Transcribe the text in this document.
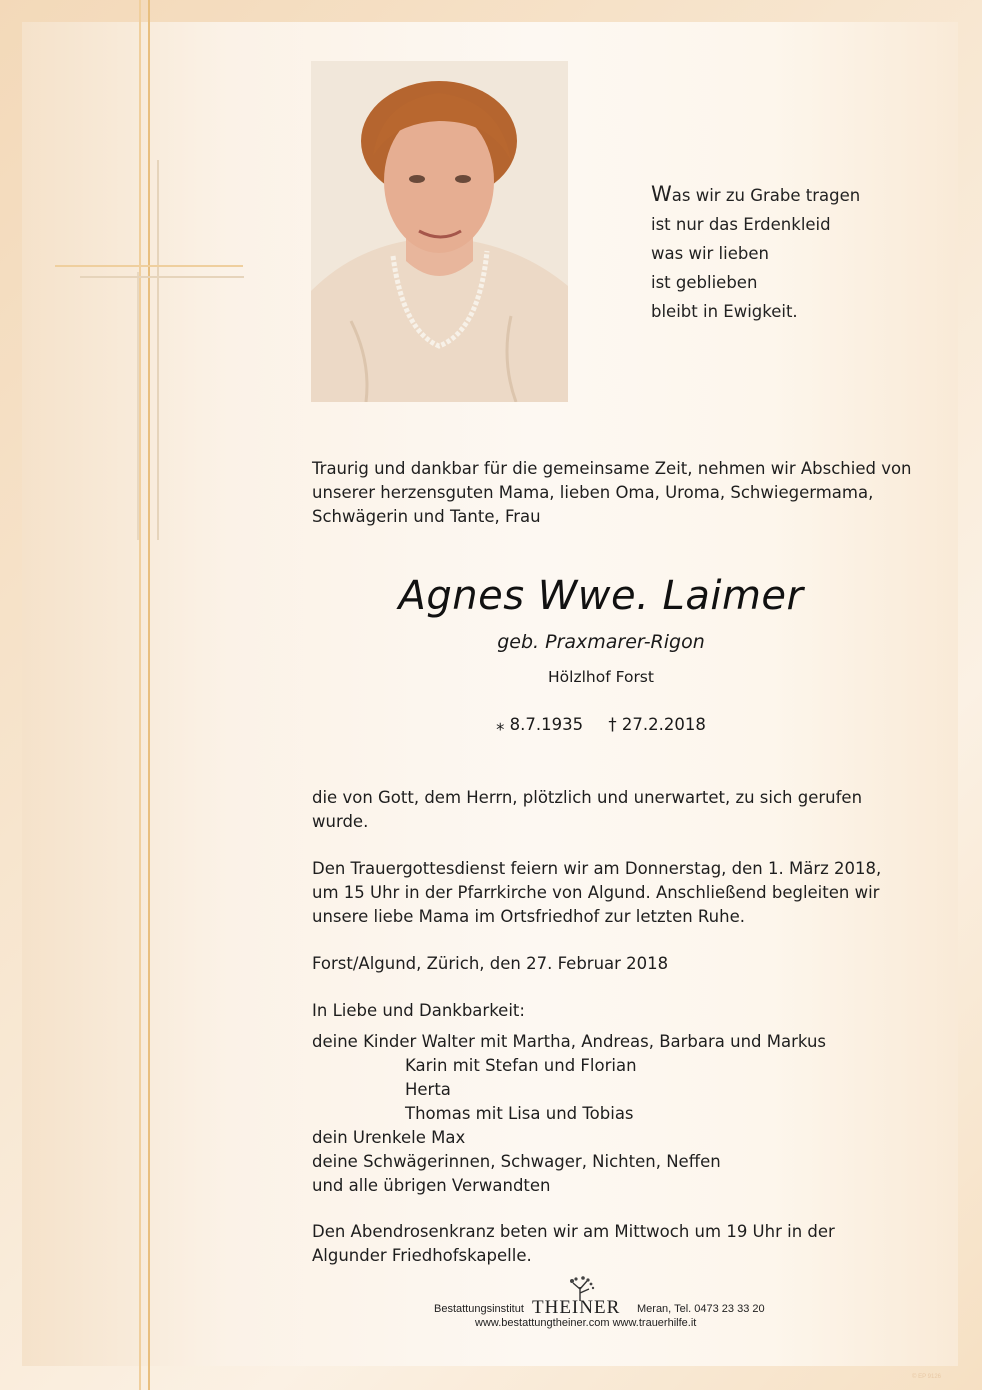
Was wir zu Grabe tragen
ist nur das Erdenkleid
was wir lieben
ist geblieben
bleibt in Ewigkeit.
Traurig und dankbar für die gemeinsame Zeit, nehmen wir Abschied von unserer herzensguten Mama, lieben Oma, Uroma, Schwiegermama, Schwägerin und Tante, Frau
Agnes Wwe. Laimer
geb. Praxmarer-Rigon
Hölzlhof Forst
⁎ 8.7.1935 † 27.2.2018
die von Gott, dem Herrn, plötzlich und unerwartet, zu sich gerufen wurde.
Den Trauergottesdienst feiern wir am Donnerstag, den 1. März 2018, um 15 Uhr in der Pfarrkirche von Algund. Anschließend begleiten wir unsere liebe Mama im Ortsfriedhof zur letzten Ruhe.
Forst/Algund, Zürich, den 27. Februar 2018
In Liebe und Dankbarkeit:
deine Kinder Walter mit Martha, Andreas, Barbara und Markus
Karin mit Stefan und Florian
Herta
Thomas mit Lisa und Tobias
dein Urenkele Max
deine Schwägerinnen, Schwager, Nichten, Neffen
und alle übrigen Verwandten
Den Abendrosenkranz beten wir am Mittwoch um 19 Uhr in der Algunder Friedhofskapelle.
Bestattungsinstitut THEINER Meran, Tel. 0473 23 33 20
www.bestattungtheiner.com www.trauerhilfe.it
© EP 9126
